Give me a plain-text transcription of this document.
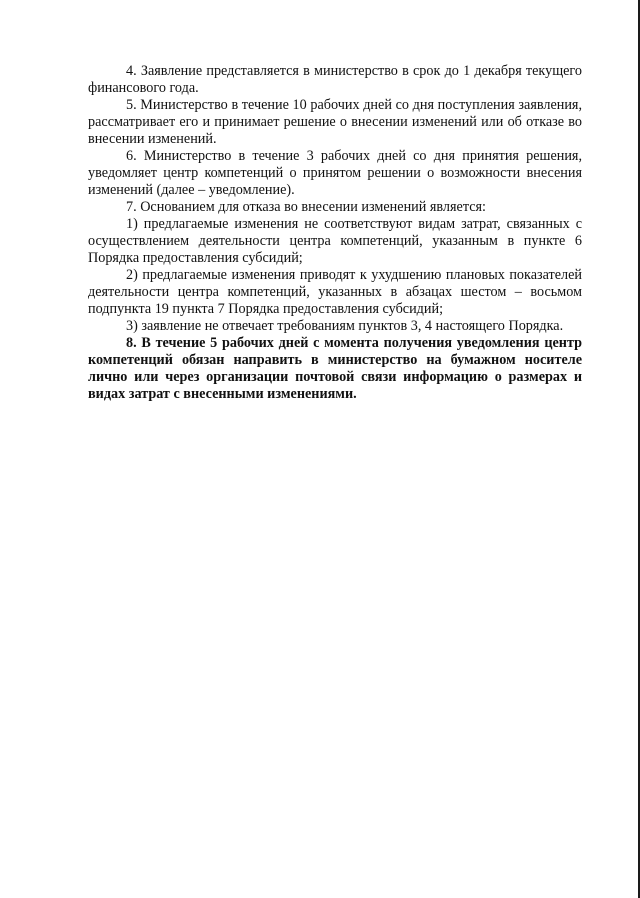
4. Заявление представляется в министерство в срок до 1 декабря текущего финансового года.

5. Министерство в течение 10 рабочих дней со дня поступления заявления, рассматривает его и принимает решение о внесении изменений или об отказе во внесении изменений.

6. Министерство в течение 3 рабочих дней со дня принятия решения, уведомляет центр компетенций о принятом решении о возможности внесения изменений (далее – уведомление).

7. Основанием для отказа во внесении изменений является:

1) предлагаемые изменения не соответствуют видам затрат, связанных с осуществлением деятельности центра компетенций, указанным в пункте 6 Порядка предоставления субсидий;

2) предлагаемые изменения приводят к ухудшению плановых показателей деятельности центра компетенций, указанных в абзацах шестом – восьмом подпункта 19 пункта 7 Порядка предоставления субсидий;

3) заявление не отвечает требованиям пунктов 3, 4 настоящего Порядка.

8. В течение 5 рабочих дней с момента получения уведомления центр компетенций обязан направить в министерство на бумажном носителе лично или через организации почтовой связи информацию о размерах и видах затрат с внесенными изменениями.
